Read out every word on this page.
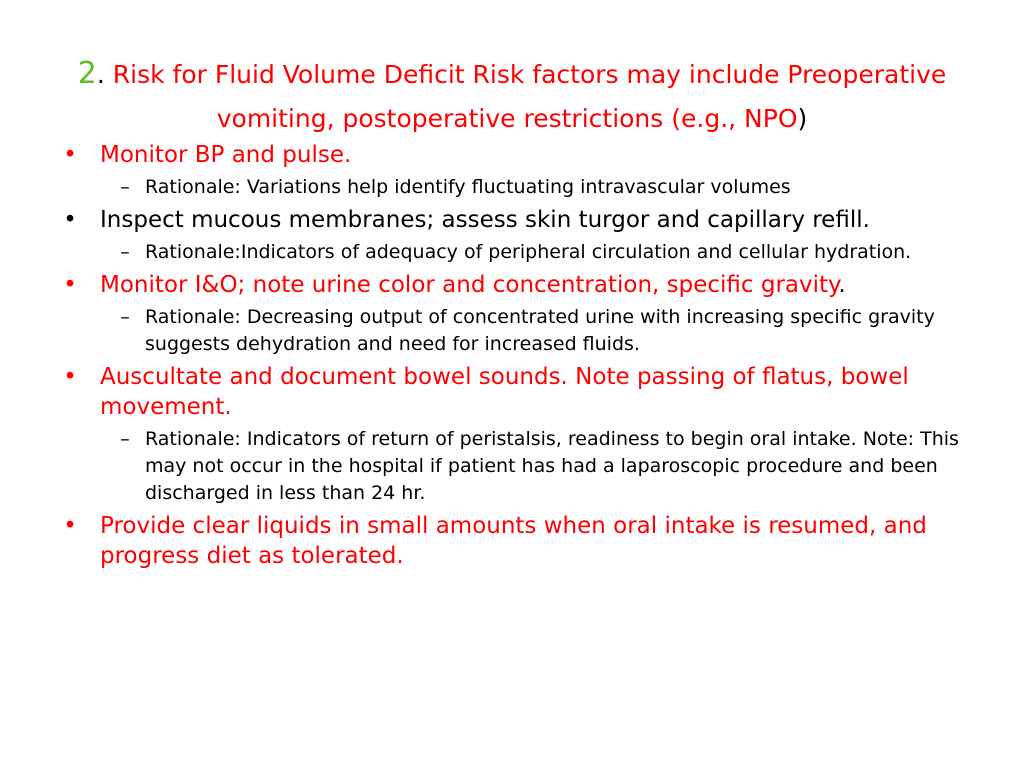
2. Risk for Fluid Volume Deficit Risk factors may include Preoperative vomiting, postoperative restrictions (e.g., NPO)
• Monitor BP and pulse.
– Rationale: Variations help identify fluctuating intravascular volumes
• Inspect mucous membranes; assess skin turgor and capillary refill.
– Rationale:Indicators of adequacy of peripheral circulation and cellular hydration.
• Monitor I&O; note urine color and concentration, specific gravity.
– Rationale: Decreasing output of concentrated urine with increasing specific gravity suggests dehydration and need for increased fluids.
• Auscultate and document bowel sounds. Note passing of flatus, bowel movement.
– Rationale: Indicators of return of peristalsis, readiness to begin oral intake. Note: This may not occur in the hospital if patient has had a laparoscopic procedure and been discharged in less than 24 hr.
• Provide clear liquids in small amounts when oral intake is resumed, and progress diet as tolerated.
